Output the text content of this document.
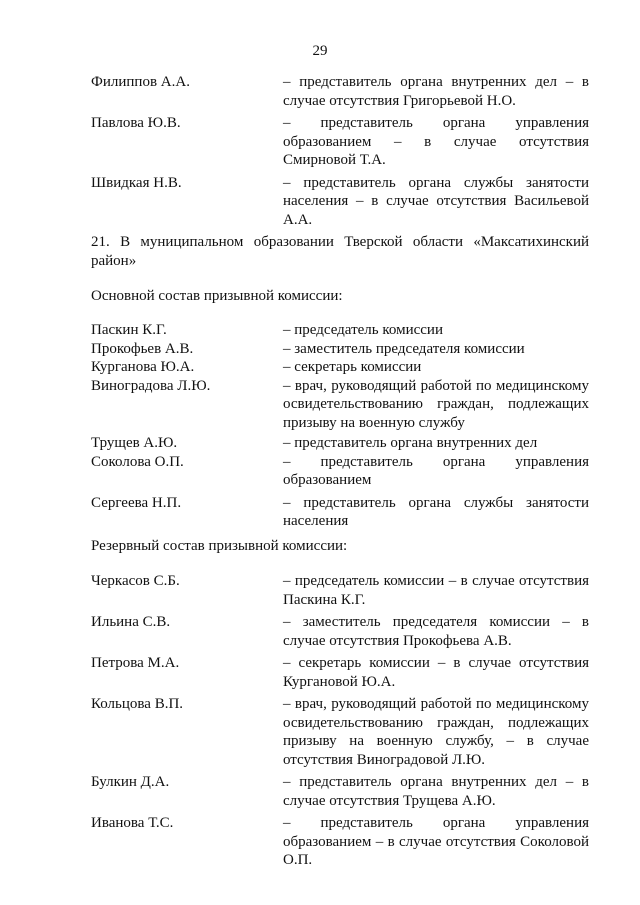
29
Филиппов А.А.	– представитель органа внутренних дел – в случае отсутствия Григорьевой Н.О.
Павлова Ю.В.	– представитель органа управления образованием – в случае отсутствия Смирновой Т.А.
Швидкая Н.В.	– представитель органа службы занятости населения – в случае отсутствия Васильевой А.А.
21. В муниципальном образовании Тверской области «Максатихинский район»
Основной состав призывной комиссии:
Паскин К.Г.	– председатель комиссии
Прокофьев А.В.	– заместитель председателя комиссии
Курганова Ю.А.	– секретарь комиссии
Виноградова Л.Ю.	– врач, руководящий работой по медицинскому освидетельствованию граждан, подлежащих призыву на военную службу
Трущев А.Ю.	– представитель органа внутренних дел
Соколова О.П.	– представитель органа управления образованием
Сергеева Н.П.	– представитель органа службы занятости населения
Резервный состав призывной комиссии:
Черкасов С.Б.	– председатель комиссии – в случае отсутствия Паскина К.Г.
Ильина С.В.	– заместитель председателя комиссии – в случае отсутствия Прокофьева А.В.
Петрова М.А.	– секретарь комиссии – в случае отсутствия Кургановой Ю.А.
Кольцова В.П.	– врач, руководящий работой по медицинскому освидетельствованию граждан, подлежащих призыву на военную службу, – в случае отсутствия Виноградовой Л.Ю.
Булкин Д.А.	– представитель органа внутренних дел – в случае отсутствия Трущева А.Ю.
Иванова Т.С.	– представитель органа управления образованием – в случае отсутствия Соколовой О.П.
